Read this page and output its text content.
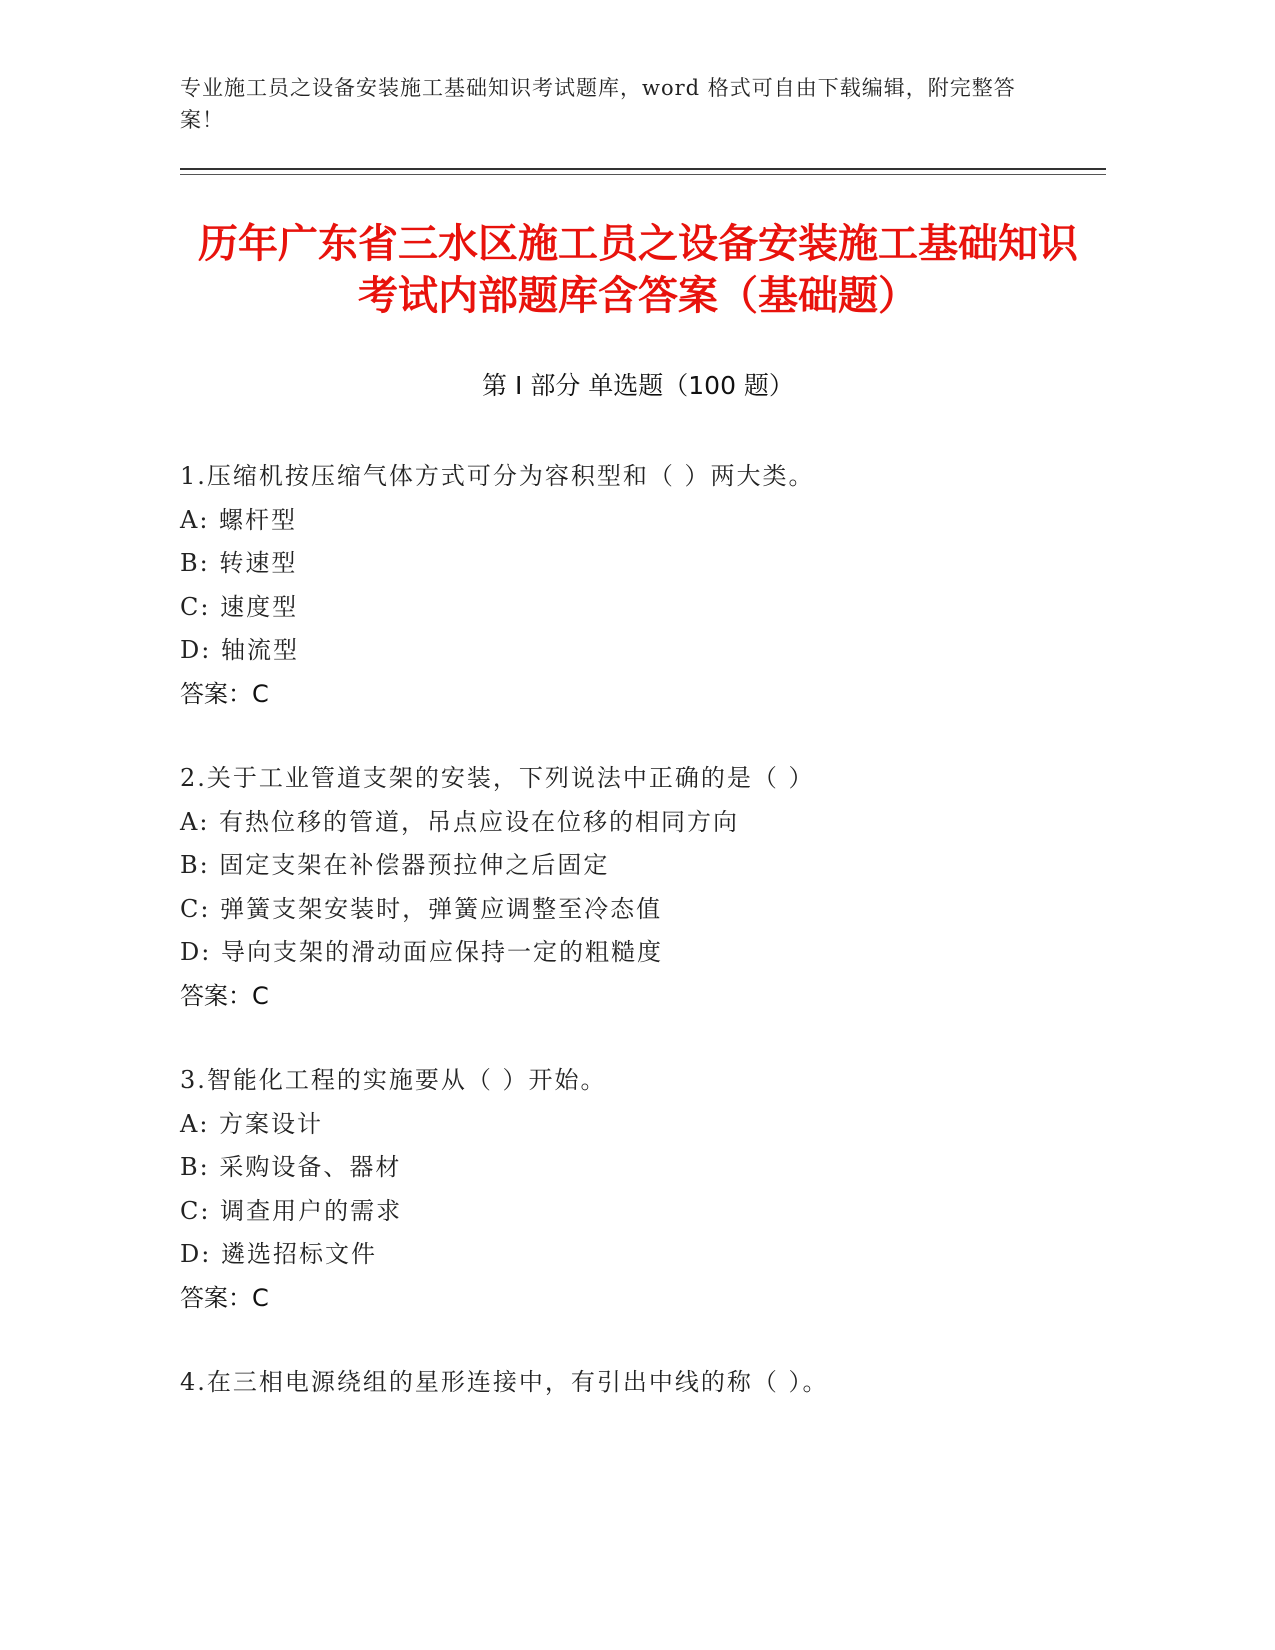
专业施工员之设备安装施工基础知识考试题库，word 格式可自由下载编辑，附完整答案！
历年广东省三水区施工员之设备安装施工基础知识考试内部题库含答案（基础题）
第 I 部分 单选题（100 题）
1.压缩机按压缩气体方式可分为容积型和（ ）两大类。
A: 螺杆型
B: 转速型
C: 速度型
D: 轴流型
答案：C
2.关于工业管道支架的安装，下列说法中正确的是（ ）
A: 有热位移的管道，吊点应设在位移的相同方向
B: 固定支架在补偿器预拉伸之后固定
C: 弹簧支架安装时，弹簧应调整至冷态值
D: 导向支架的滑动面应保持一定的粗糙度
答案：C
3.智能化工程的实施要从（ ）开始。
A: 方案设计
B: 采购设备、器材
C: 调查用户的需求
D: 遴选招标文件
答案：C
4.在三相电源绕组的星形连接中，有引出中线的称（ ）。
